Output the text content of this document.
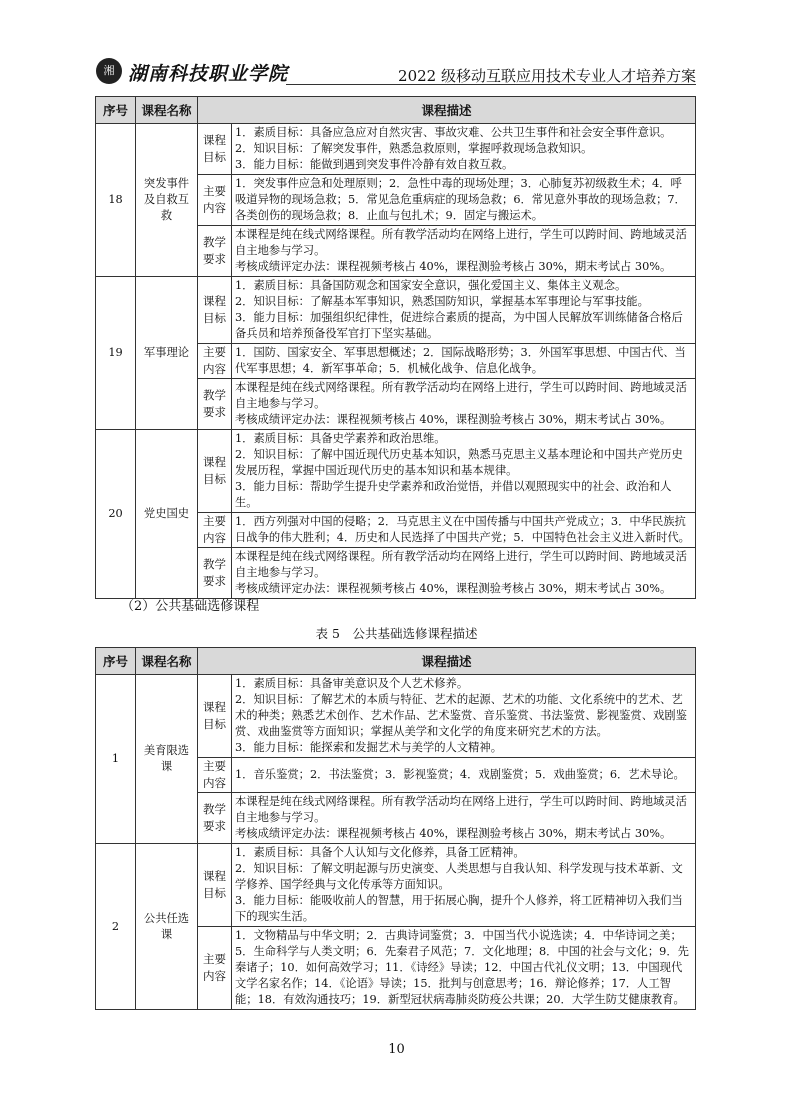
湘 湖南科技职业学院	2022 级移动互联应用技术专业人才培养方案
序号	课程名称	课程描述	
18	突发事件及自救互救	课程目标	1．素质目标：具备应急应对自然灾害、事故灾难、公共卫生事件和社会安全事件意识。
2．知识目标：了解突发事件，熟悉急救原则，掌握呼救现场急救知识。
3．能力目标：能做到遇到突发事件冷静有效自救互救。

		主要内容	1．突发事件应急和处理原则；2．急性中毒的现场处理；3．心肺复苏初级救生术；4．呼吸道异物的现场急救；5．常见急危重病症的现场急救；6．常见意外事故的现场急救；7．各类创伤的现场急救；8．止血与包扎术；9．固定与搬运术。

		教学要求	本课程是纯在线式网络课程。所有教学活动均在网络上进行，学生可以跨时间、跨地域灵活自主地参与学习。
考核成绩评定办法：课程视频考核占 40%，课程测验考核占 30%，期末考试占 30%。

19	军事理论	课程目标	1．素质目标：具备国防观念和国家安全意识，强化爱国主义、集体主义观念。
2．知识目标：了解基本军事知识，熟悉国防知识，掌握基本军事理论与军事技能。
3．能力目标：加强组织纪律性，促进综合素质的提高，为中国人民解放军训练储备合格后备兵员和培养预备役军官打下坚实基础。

		主要内容	1．国防、国家安全、军事思想概述；2．国际战略形势；3．外国军事思想、中国古代、当代军事思想；4．新军事革命；5．机械化战争、信息化战争。

		教学要求	本课程是纯在线式网络课程。所有教学活动均在网络上进行，学生可以跨时间、跨地域灵活自主地参与学习。
考核成绩评定办法：课程视频考核占 40%，课程测验考核占 30%，期末考试占 30%。

20	党史国史	课程目标	1．素质目标：具备史学素养和政治思维。
2．知识目标：了解中国近现代历史基本知识，熟悉马克思主义基本理论和中国共产党历史发展历程，掌握中国近现代历史的基本知识和基本规律。
3．能力目标：帮助学生提升史学素养和政治觉悟，并借以观照现实中的社会、政治和人生。

		主要内容	1．西方列强对中国的侵略；2．马克思主义在中国传播与中国共产党成立；3．中华民族抗日战争的伟大胜利；4．历史和人民选择了中国共产党；5．中国特色社会主义进入新时代。

		教学要求	本课程是纯在线式网络课程。所有教学活动均在网络上进行，学生可以跨时间、跨地域灵活自主地参与学习。
考核成绩评定办法：课程视频考核占 40%，课程测验考核占 30%，期末考试占 30%。
（2）公共基础选修课程
表 5　公共基础选修课程描述
序号	课程名称	课程描述	
1	美育限选课	课程目标	1．素质目标：具备审美意识及个人艺术修养。
2．知识目标：了解艺术的本质与特征、艺术的起源、艺术的功能、文化系统中的艺术、艺术的种类；熟悉艺术创作、艺术作品、艺术鉴赏、音乐鉴赏、书法鉴赏、影视鉴赏、戏剧鉴赏、戏曲鉴赏等方面知识；掌握从美学和文化学的角度来研究艺术的方法。
3．能力目标：能探索和发掘艺术与美学的人文精神。

		主要内容	1．音乐鉴赏；2．书法鉴赏；3．影视鉴赏；4．戏剧鉴赏；5．戏曲鉴赏；6．艺术导论。

		教学要求	本课程是纯在线式网络课程。所有教学活动均在网络上进行，学生可以跨时间、跨地域灵活自主地参与学习。
考核成绩评定办法：课程视频考核占 40%，课程测验考核占 30%，期末考试占 30%。

2	公共任选课	课程目标	1．素质目标：具备个人认知与文化修养，具备工匠精神。
2．知识目标：了解文明起源与历史演变、人类思想与自我认知、科学发现与技术革新、文学修养、国学经典与文化传承等方面知识。
3．能力目标：能吸收前人的智慧，用于拓展心胸，提升个人修养，将工匠精神切入我们当下的现实生活。

		主要内容	1．文物精品与中华文明；2．古典诗词鉴赏；3．中国当代小说选读；4．中华诗词之美；5．生命科学与人类文明；6．先秦君子风范；7．文化地理；8．中国的社会与文化；9．先秦诸子；10．如何高效学习；11．《诗经》导读；12．中国古代礼仪文明；13．中国现代文学名家名作；14．《论语》导读；15．批判与创意思考；16．辩论修养；17．人工智能；18．有效沟通技巧；19．新型冠状病毒肺炎防疫公共课；20．大学生防艾健康教育。
10
